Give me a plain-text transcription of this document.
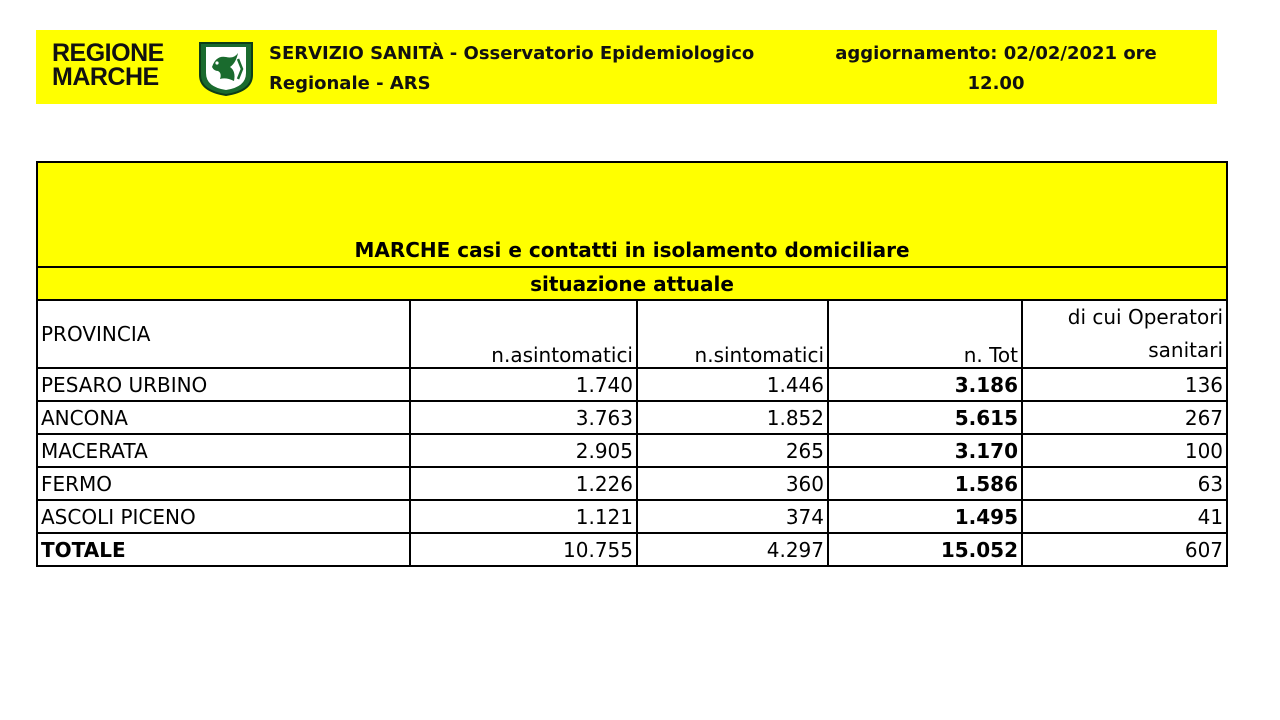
REGIONE
MARCHE
SERVIZIO SANITÀ - Osservatorio Epidemiologico Regionale - ARS
aggiornamento: 02/02/2021 ore 12.00
MARCHE casi e contatti in isolamento domiciliare				
situazione attuale				
PROVINCIA	n.asintomatici	n.sintomatici	n. Tot	di cui Operatori
sanitari

PESARO URBINO	1.740	1.446	3.186	136
ANCONA	3.763	1.852	5.615	267
MACERATA	2.905	265	3.170	100
FERMO	1.226	360	1.586	63
ASCOLI PICENO	1.121	374	1.495	41
TOTALE	10.755	4.297	15.052	607
